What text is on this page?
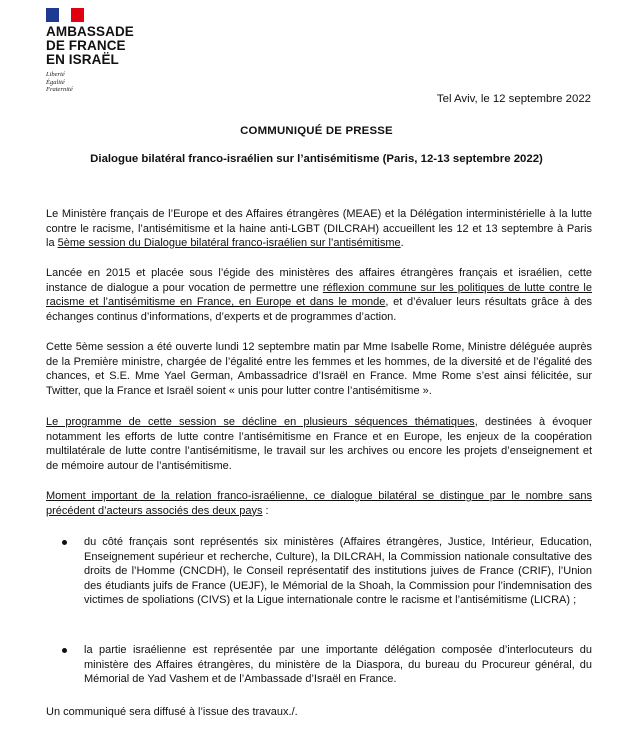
AMBASSADE
DE FRANCE
EN ISRAËL
Liberté
Égalité
Fraternité
Tel Aviv, le 12 septembre 2022
COMMUNIQUÉ DE PRESSE
Dialogue bilatéral franco-israélien sur l’antisémitisme (Paris, 12-13 septembre 2022)

Le Ministère français de l’Europe et des Affaires étrangères (MEAE) et la Délégation interministérielle à la lutte contre le racisme, l’antisémitisme et la haine anti-LGBT (DILCRAH) accueillent les 12 et 13 septembre à Paris la 5ème session du Dialogue bilatéral franco-israélien sur l’antisémitisme.

Lancée en 2015 et placée sous l’égide des ministères des affaires étrangères français et israélien, cette instance de dialogue a pour vocation de permettre une réflexion commune sur les politiques de lutte contre le racisme et l’antisémitisme en France, en Europe et dans le monde, et d’évaluer leurs résultats grâce à des échanges continus d’informations, d’experts et de programmes d’action.

Cette 5ème session a été ouverte lundi 12 septembre matin par Mme Isabelle Rome, Ministre déléguée auprès de la Première ministre, chargée de l’égalité entre les femmes et les hommes, de la diversité et de l’égalité des chances, et S.E. Mme Yael German, Ambassadrice d’Israël en France. Mme Rome s’est ainsi félicitée, sur Twitter, que la France et Israël soient « unis pour lutter contre l’antisémitisme ».

Le programme de cette session se décline en plusieurs séquences thématiques, destinées à évoquer notamment les efforts de lutte contre l’antisémitisme en France et en Europe, les enjeux de la coopération multilatérale de lutte contre l’antisémitisme, le travail sur les archives ou encore les projets d’enseignement et de mémoire autour de l’antisémitisme.

Moment important de la relation franco-israélienne, ce dialogue bilatéral se distingue par le nombre sans précédent d’acteurs associés des deux pays :

du côté français sont représentés six ministères (Affaires étrangères, Justice, Intérieur, Education, Enseignement supérieur et recherche, Culture), la DILCRAH, la Commission nationale consultative des droits de l’Homme (CNCDH), le Conseil représentatif des institutions juives de France (CRIF), l’Union des étudiants juifs de France (UEJF), le Mémorial de la Shoah, la Commission pour l’indemnisation des victimes de spoliations (CIVS) et la Ligue internationale contre le racisme et l’antisémitisme (LICRA) ;
la partie israélienne est représentée par une importante délégation composée d’interlocuteurs du ministère des Affaires étrangères, du ministère de la Diaspora, du bureau du Procureur général, du Mémorial de Yad Vashem et de l’Ambassade d’Israël en France.

Un communiqué sera diffusé à l’issue des travaux./.
